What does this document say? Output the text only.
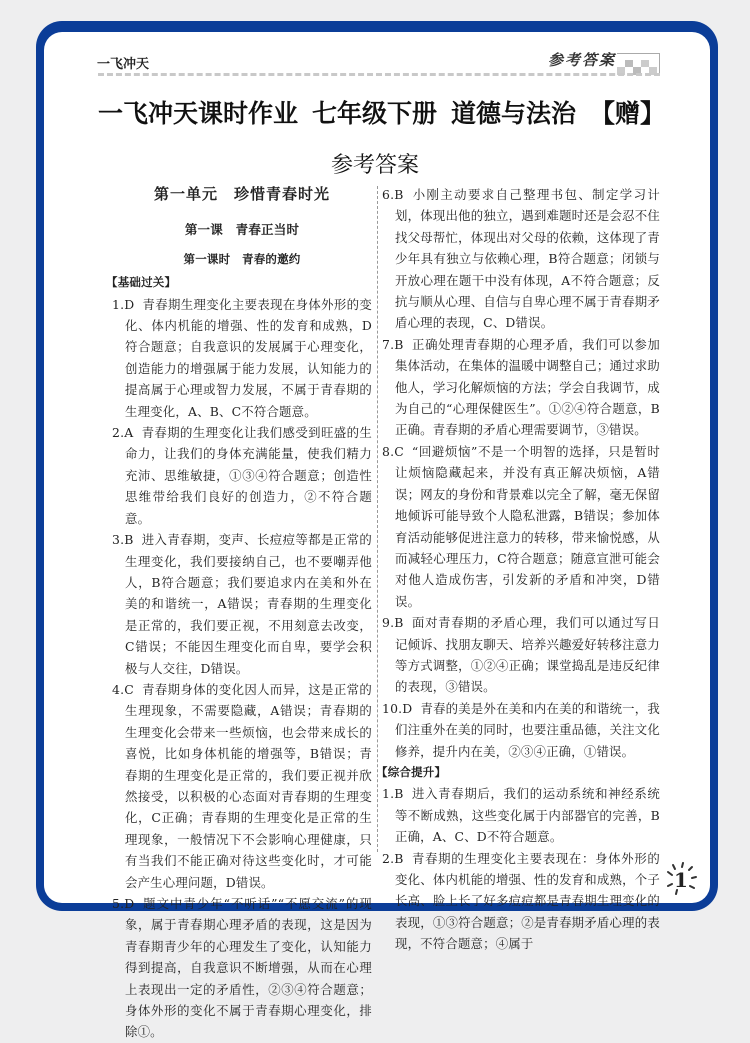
一飞冲天	参考答案
一飞冲天课时作业 七年级下册 道德与法治 【赠】
参考答案
第一单元　珍惜青春时光
第一课　青春正当时
第一课时　青春的邀约
【基础过关】
1.D 青春期生理变化主要表现在身体外形的变化、体内机能的增强、性的发育和成熟，D符合题意；自我意识的发展属于心理变化，创造能力的增强属于能力发展，认知能力的提高属于心理或智力发展，不属于青春期的生理变化，A、B、C不符合题意。
2.A 青春期的生理变化让我们感受到旺盛的生命力，让我们的身体充满能量，使我们精力充沛、思维敏捷，①③④符合题意；创造性思维带给我们良好的创造力，②不符合题意。
3.B 进入青春期，变声、长痘痘等都是正常的生理变化，我们要接纳自己，也不要嘲弄他人，B符合题意；我们要追求内在美和外在美的和谐统一，A错误；青春期的生理变化是正常的，我们要正视，不用刻意去改变，C错误；不能因生理变化而自卑，要学会积极与人交往，D错误。
4.C 青春期身体的变化因人而异，这是正常的生理现象，不需要隐藏，A错误；青春期的生理变化会带来一些烦恼，也会带来成长的喜悦，比如身体机能的增强等，B错误；青春期的生理变化是正常的，我们要正视并欣然接受，以积极的心态面对青春期的生理变化，C正确；青春期的生理变化是正常的生理现象，一般情况下不会影响心理健康，只有当我们不能正确对待这些变化时，才可能会产生心理问题，D错误。
5.D 题文中青少年“不听话”“不愿交流”的现象，属于青春期心理矛盾的表现，这是因为青春期青少年的心理发生了变化，认知能力得到提高，自我意识不断增强，从而在心理上表现出一定的矛盾性，②③④符合题意；身体外形的变化不属于青春期心理变化，排除①。
6.B 小刚主动要求自己整理书包、制定学习计划，体现出他的独立，遇到难题时还是会忍不住找父母帮忙，体现出对父母的依赖，这体现了青少年具有独立与依赖心理，B符合题意；闭锁与开放心理在题干中没有体现，A不符合题意；反抗与顺从心理、自信与自卑心理不属于青春期矛盾心理的表现，C、D错误。
7.B 正确处理青春期的心理矛盾，我们可以参加集体活动，在集体的温暖中调整自己；通过求助他人，学习化解烦恼的方法；学会自我调节，成为自己的“心理保健医生”。①②④符合题意，B正确。青春期的矛盾心理需要调节，③错误。
8.C “回避烦恼”不是一个明智的选择，只是暂时让烦恼隐藏起来，并没有真正解决烦恼，A错误；网友的身份和背景难以完全了解，毫无保留地倾诉可能导致个人隐私泄露，B错误；参加体育活动能够促进注意力的转移，带来愉悦感，从而减轻心理压力，C符合题意；随意宣泄可能会对他人造成伤害，引发新的矛盾和冲突，D错误。
9.B 面对青春期的矛盾心理，我们可以通过写日记倾诉、找朋友聊天、培养兴趣爱好转移注意力等方式调整，①②④正确；课堂捣乱是违反纪律的表现，③错误。
10.D 青春的美是外在美和内在美的和谐统一，我们注重外在美的同时，也要注重品德，关注文化修养，提升内在美，②③④正确，①错误。
【综合提升】
1.B 进入青春期后，我们的运动系统和神经系统等不断成熟，这些变化属于内部器官的完善，B正确，A、C、D不符合题意。
2.B 青春期的生理变化主要表现在：身体外形的变化、体内机能的增强、性的发育和成熟，个子长高、脸上长了好多痘痘都是青春期生理变化的表现，①③符合题意；②是青春期矛盾心理的表现，不符合题意；④属于
1
